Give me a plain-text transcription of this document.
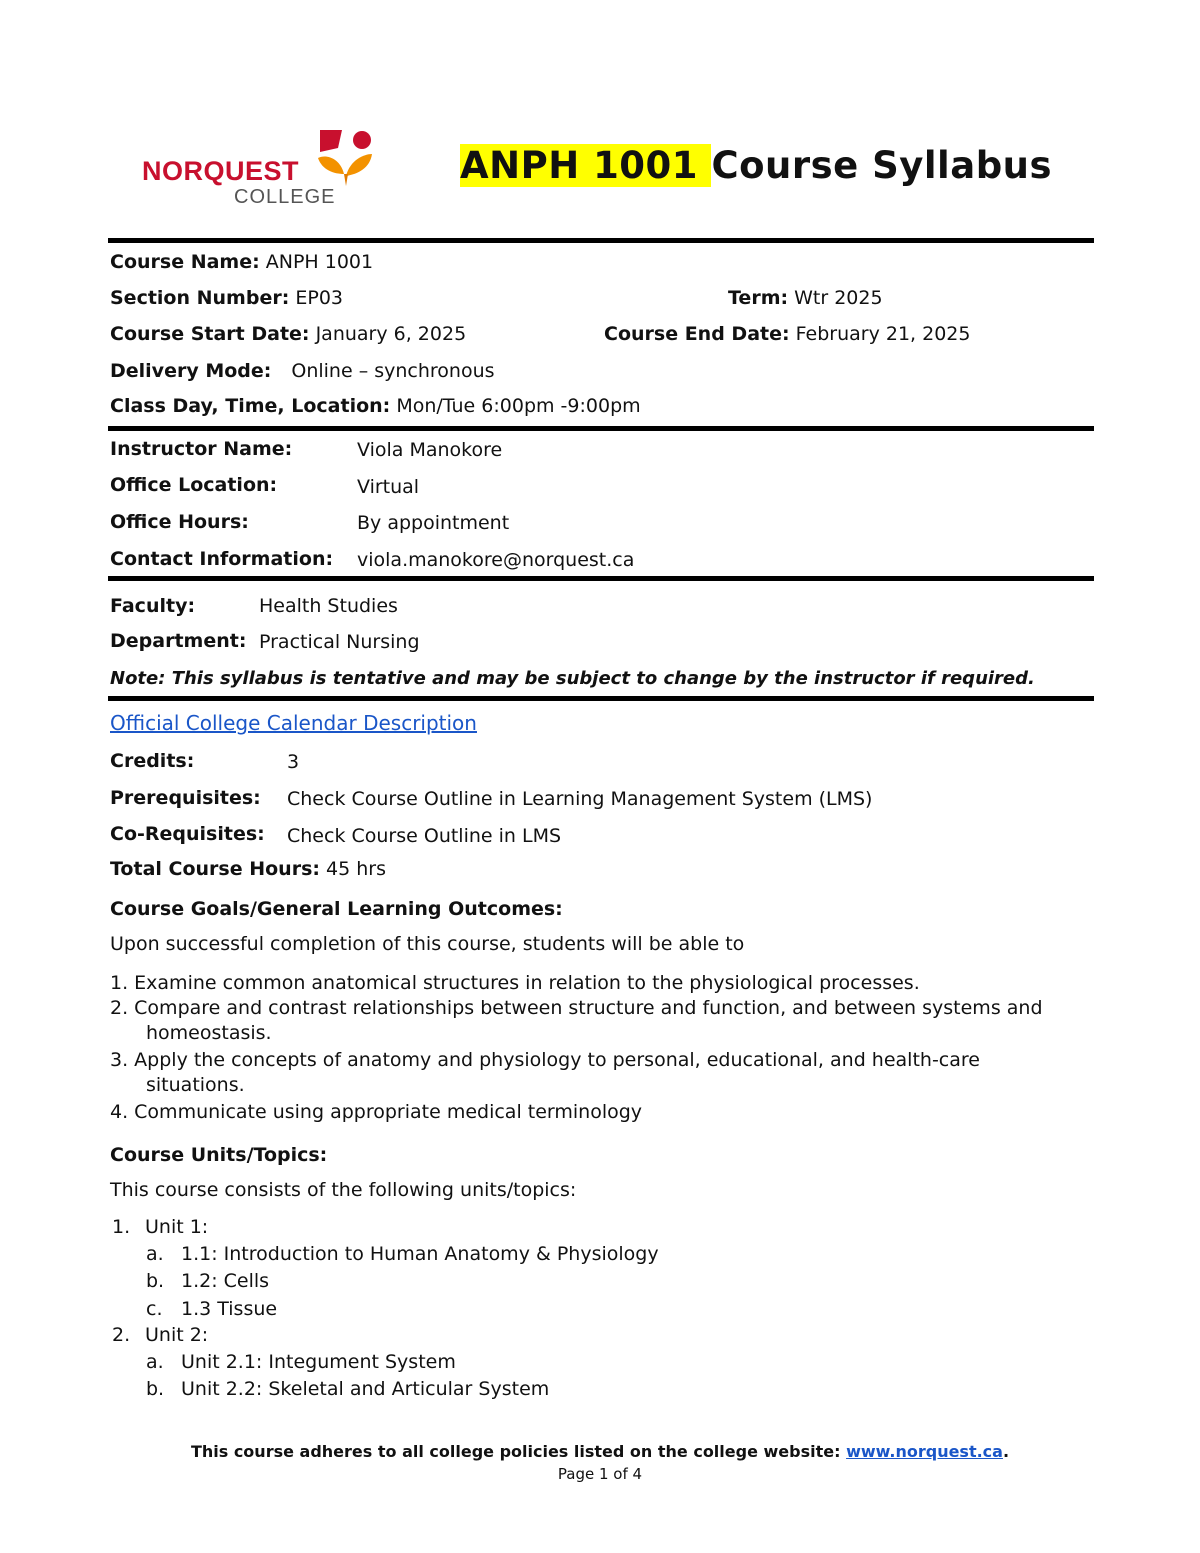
NORQUEST
COLLEGE
ANPH 1001 Course Syllabus
Course Name: ANPH 1001
Section Number: EP03	Term: Wtr 2025
Course Start Date: January 6, 2025	Course End Date: February 21, 2025
Delivery Mode: Online – synchronous
Class Day, Time, Location: Mon/Tue 6:00pm -9:00pm
Instructor Name:	Viola Manokore
Office Location:	Virtual
Office Hours:	By appointment
Contact Information: viola.manokore@norquest.ca
Faculty:	Health Studies
Department: Practical Nursing
Note: This syllabus is tentative and may be subject to change by the instructor if required.
Official College Calendar Description
Credits:	3
Prerequisites: Check Course Outline in Learning Management System (LMS)
Co-Requisites: Check Course Outline in LMS
Total Course Hours: 45 hrs
Course Goals/General Learning Outcomes:
Upon successful completion of this course, students will be able to
1. Examine common anatomical structures in relation to the physiological processes.
2. Compare and contrast relationships between structure and function, and between systems and
homeostasis.
3. Apply the concepts of anatomy and physiology to personal, educational, and health-care
situations.
4. Communicate using appropriate medical terminology
Course Units/Topics:
This course consists of the following units/topics:
1. Unit 1:
a. 1.1: Introduction to Human Anatomy & Physiology
b. 1.2: Cells
c. 1.3 Tissue
2. Unit 2:
a. Unit 2.1: Integument System
b. Unit 2.2: Skeletal and Articular System
This course adheres to all college policies listed on the college website: www.norquest.ca.
Page 1 of 4
